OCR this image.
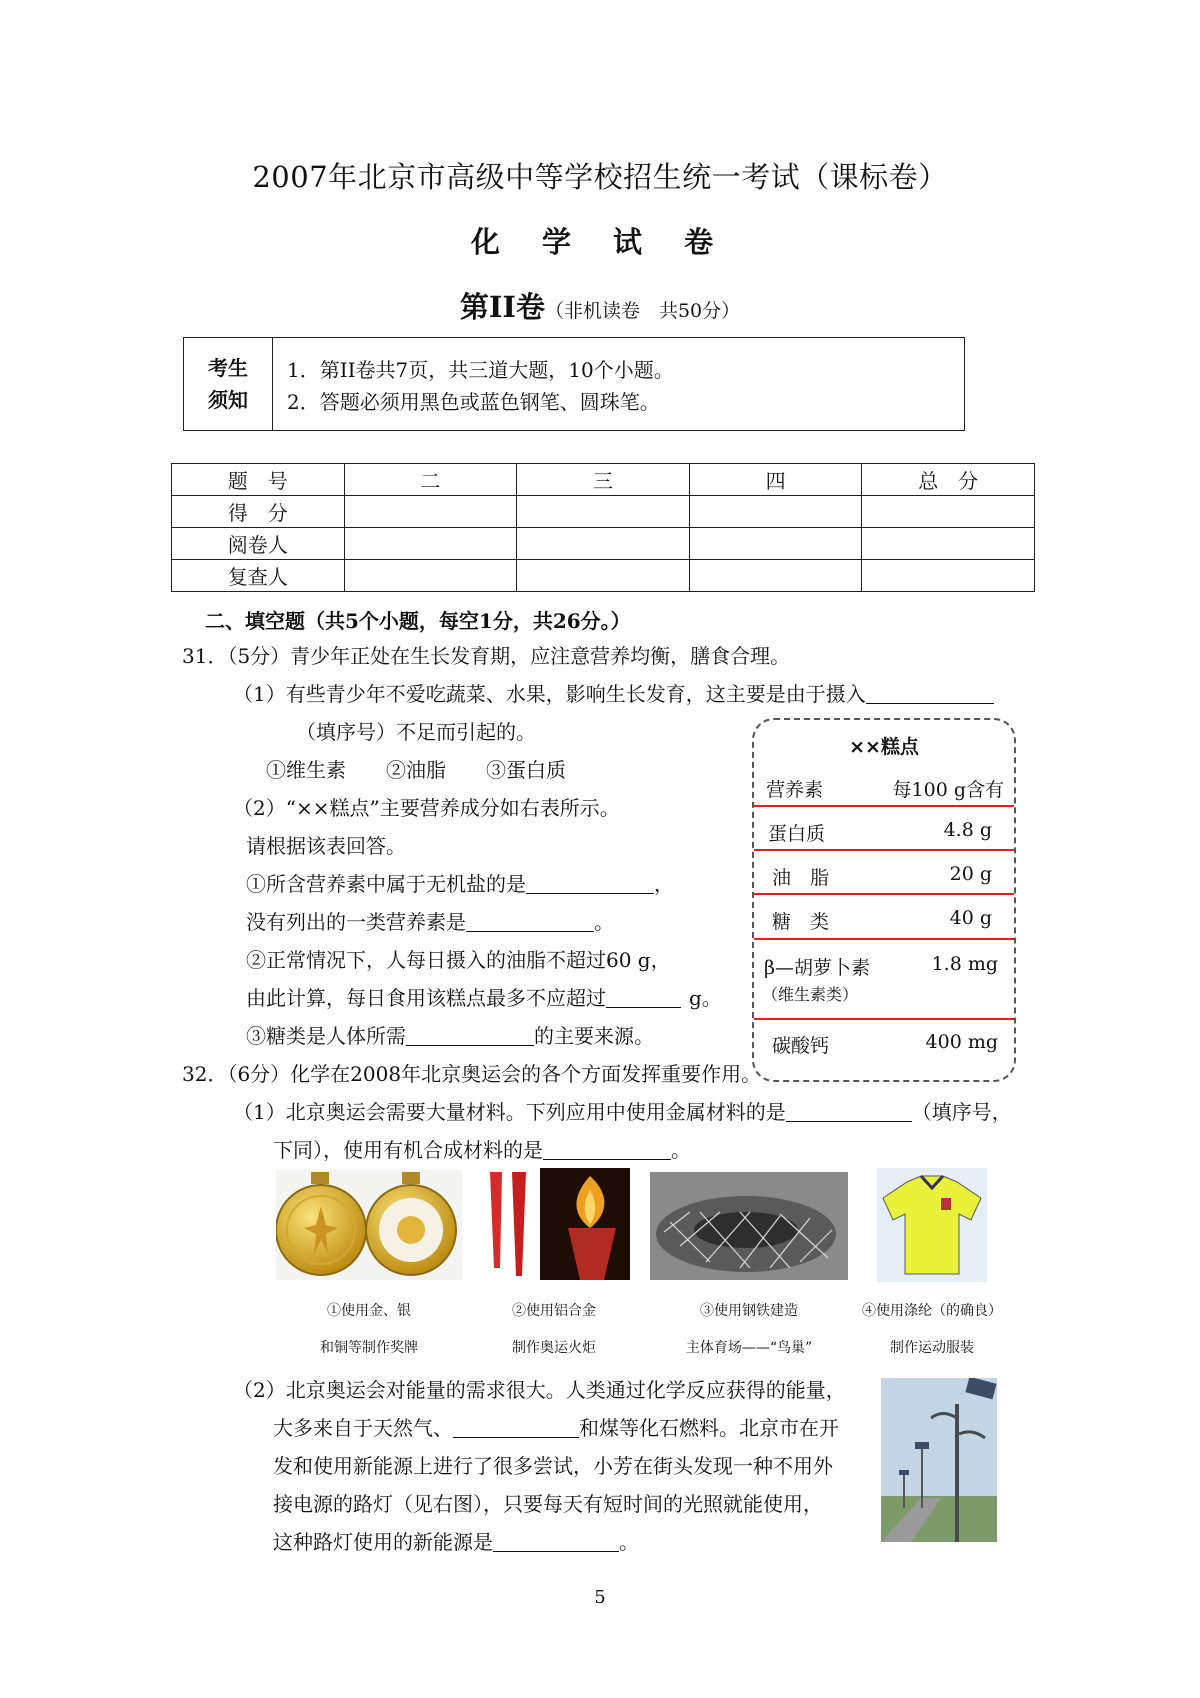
2007年北京市高级中等学校招生统一考试（课标卷）
化 学 试 卷
第II卷（非机读卷　共50分）
考生
须知
1．第II卷共7页，共三道大题，10个小题。
2．答题必须用黑色或蓝色钢笔、圆珠笔。
题　号	二	三	四	总　分
得　分				
阅卷人				
复查人				
二、填空题（共5个小题，每空1分，共26分。）
31．（5分）青少年正处在生长发育期，应注意营养均衡，膳食合理。
（1）有些青少年不爱吃蔬菜、水果，影响生长发育，这主要是由于摄入
（填序号）不足而引起的。
①维生素　　②油脂　　③蛋白质
（2）“××糕点”主要营养成分如右表所示。
请根据该表回答。
①所含营养素中属于无机盐的是	，
没有列出的一类营养素是	。
②正常情况下，人每日摄入的油脂不超过60 g，
由此计算，每日食用该糕点最多不应超过	g。
③糖类是人体所需	的主要来源。
××糕点
营养素	每100 g含有
蛋白质	4.8 g
油　脂	20 g
糖　类	40 g
β—胡萝卜素	1.8 mg
（维生素类）
碳酸钙	400 mg
32．（6分）化学在2008年北京奥运会的各个方面发挥重要作用。
（1）北京奥运会需要大量材料。下列应用中使用金属材料的是	（填序号，
下同），使用有机合成材料的是	。
①使用金、银
和铜等制作奖牌
②使用铝合金
制作奥运火炬
③使用钢铁建造
主体育场——“鸟巢”
④使用涤纶（的确良）
制作运动服装
（2）北京奥运会对能量的需求很大。人类通过化学反应获得的能量，
大多来自于天然气、	和煤等化石燃料。北京市在开
发和使用新能源上进行了很多尝试，小芳在街头发现一种不用外
接电源的路灯（见右图），只要每天有短时间的光照就能使用，
这种路灯使用的新能源是	。
5
